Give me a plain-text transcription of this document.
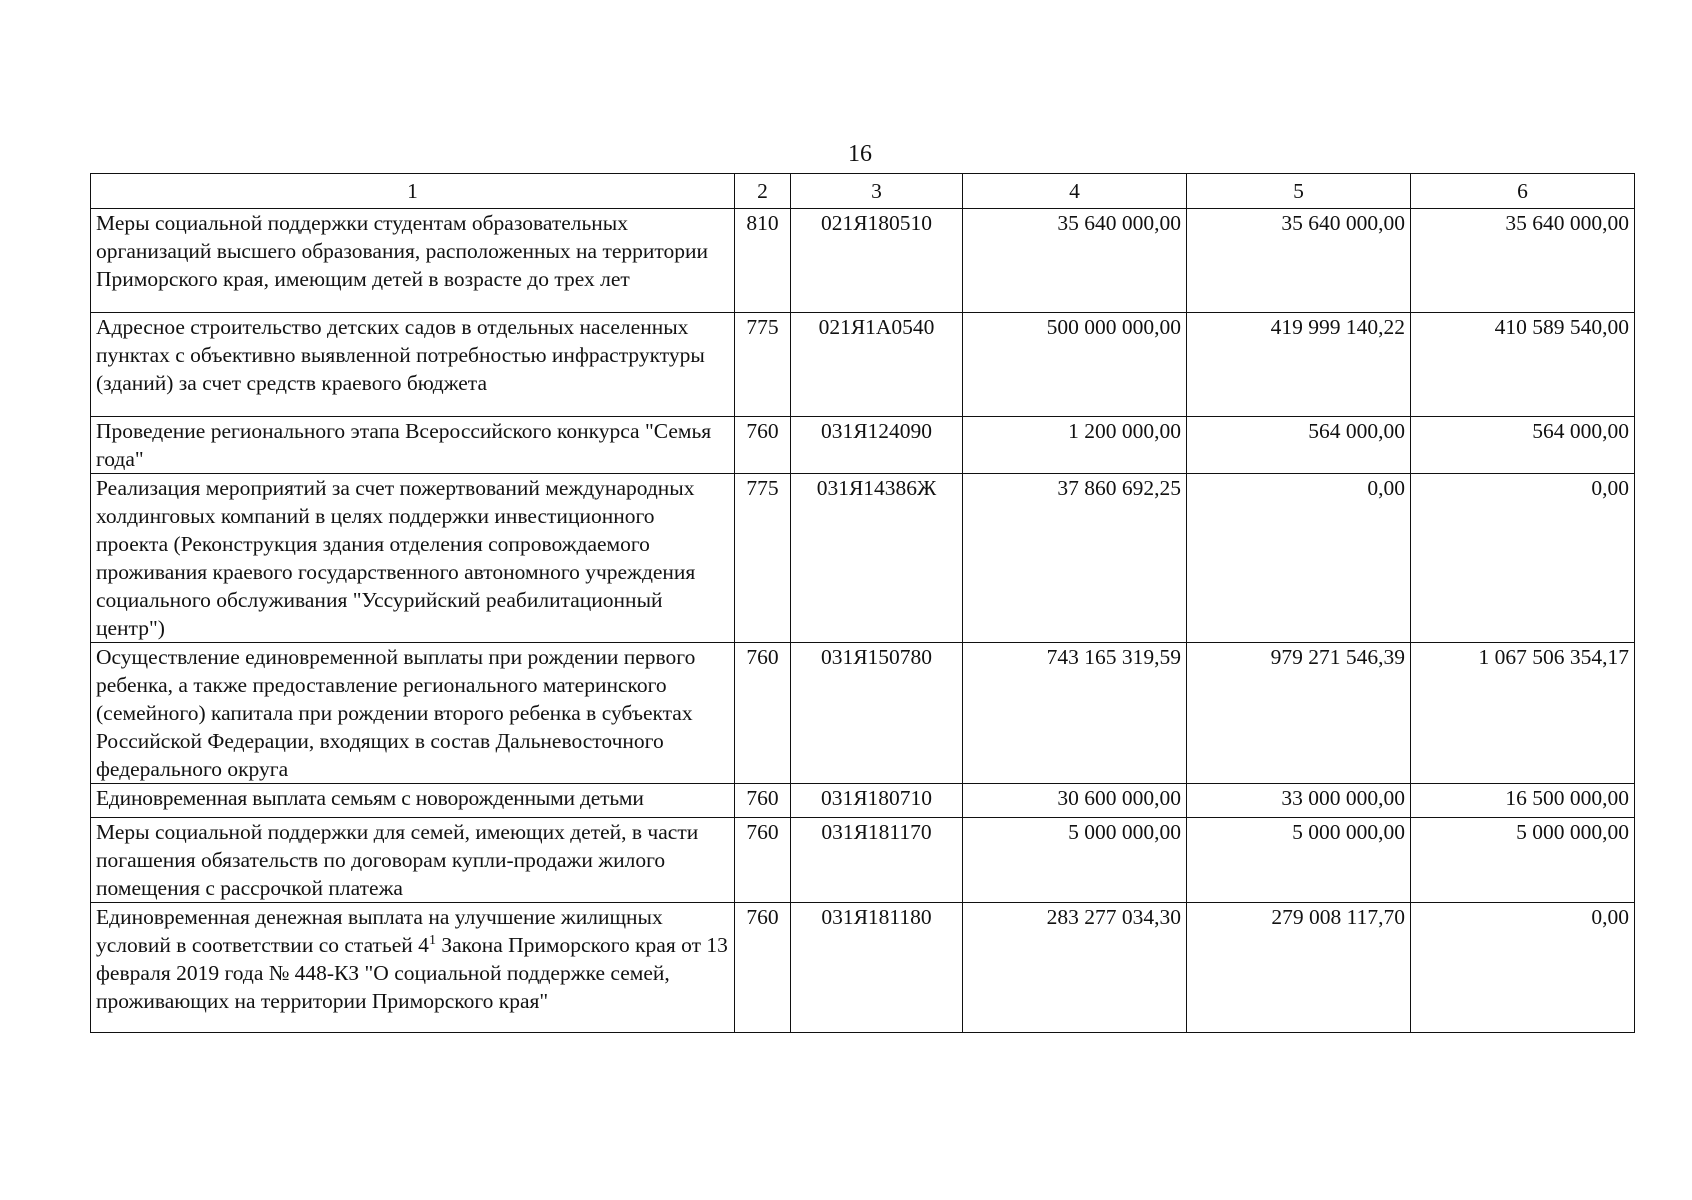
16
1	2	3	4	5	6
Меры социальной поддержки студентам образовательных организаций высшего образования, расположенных на территории Приморского края, имеющим детей в возрасте до трех лет	810	021Я180510	35 640 000,00	35 640 000,00	35 640 000,00
Адресное строительство детских садов в отдельных населенных пунктах с объективно выявленной потребностью инфраструктуры (зданий) за счет средств краевого бюджета	775	021Я1А0540	500 000 000,00	419 999 140,22	410 589 540,00
Проведение регионального этапа Всероссийского конкурса "Семья года"	760	031Я124090	1 200 000,00	564 000,00	564 000,00
Реализация мероприятий за счет пожертвований международных холдинговых компаний в целях поддержки инвестиционного проекта (Реконструкция здания отделения сопровождаемого проживания краевого государственного автономного учреждения социального обслуживания "Уссурийский реабилитационный центр")	775	031Я14386Ж	37 860 692,25	0,00	0,00
Осуществление единовременной выплаты при рождении первого ребенка, а также предоставление регионального материнского (семейного) капитала при рождении второго ребенка в субъектах Российской Федерации, входящих в состав Дальневосточного федерального округа	760	031Я150780	743 165 319,59	979 271 546,39	1 067 506 354,17
Единовременная выплата семьям с новорожденными детьми	760	031Я180710	30 600 000,00	33 000 000,00	16 500 000,00
Меры социальной поддержки для семей, имеющих детей, в части погашения обязательств по договорам купли-продажи жилого помещения с рассрочкой платежа	760	031Я181170	5 000 000,00	5 000 000,00	5 000 000,00
Единовременная денежная выплата на улучшение жилищных условий в соответствии со статьей $4^1$ Закона Приморского края от 13 февраля 2019 года № 448-КЗ "О социальной поддержке семей, проживающих на территории Приморского края"	760	031Я181180	283 277 034,30	279 008 117,70	0,00
